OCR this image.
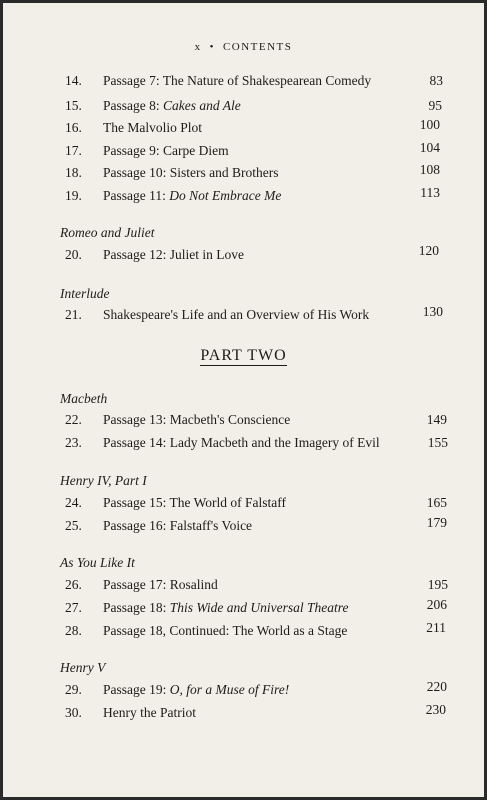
x • CONTENTS
14. Passage 7: The Nature of Shakespearean Comedy	83
15. Passage 8: Cakes and Ale	95
16. The Malvolio Plot	100
17. Passage 9: Carpe Diem	104
18. Passage 10: Sisters and Brothers	108
19. Passage 11: Do Not Embrace Me	113
Romeo and Juliet
20. Passage 12: Juliet in Love	120
Interlude
21. Shakespeare's Life and an Overview of His Work	130
PART TWO
Macbeth
22. Passage 13: Macbeth's Conscience	149
23. Passage 14: Lady Macbeth and the Imagery of Evil	155
Henry IV, Part I
24. Passage 15: The World of Falstaff	165
25. Passage 16: Falstaff's Voice	179
As You Like It
26. Passage 17: Rosalind	195
27. Passage 18: This Wide and Universal Theatre	206
28. Passage 18, Continued: The World as a Stage	211
Henry V
29. Passage 19: O, for a Muse of Fire!	220
30. Henry the Patriot	230
